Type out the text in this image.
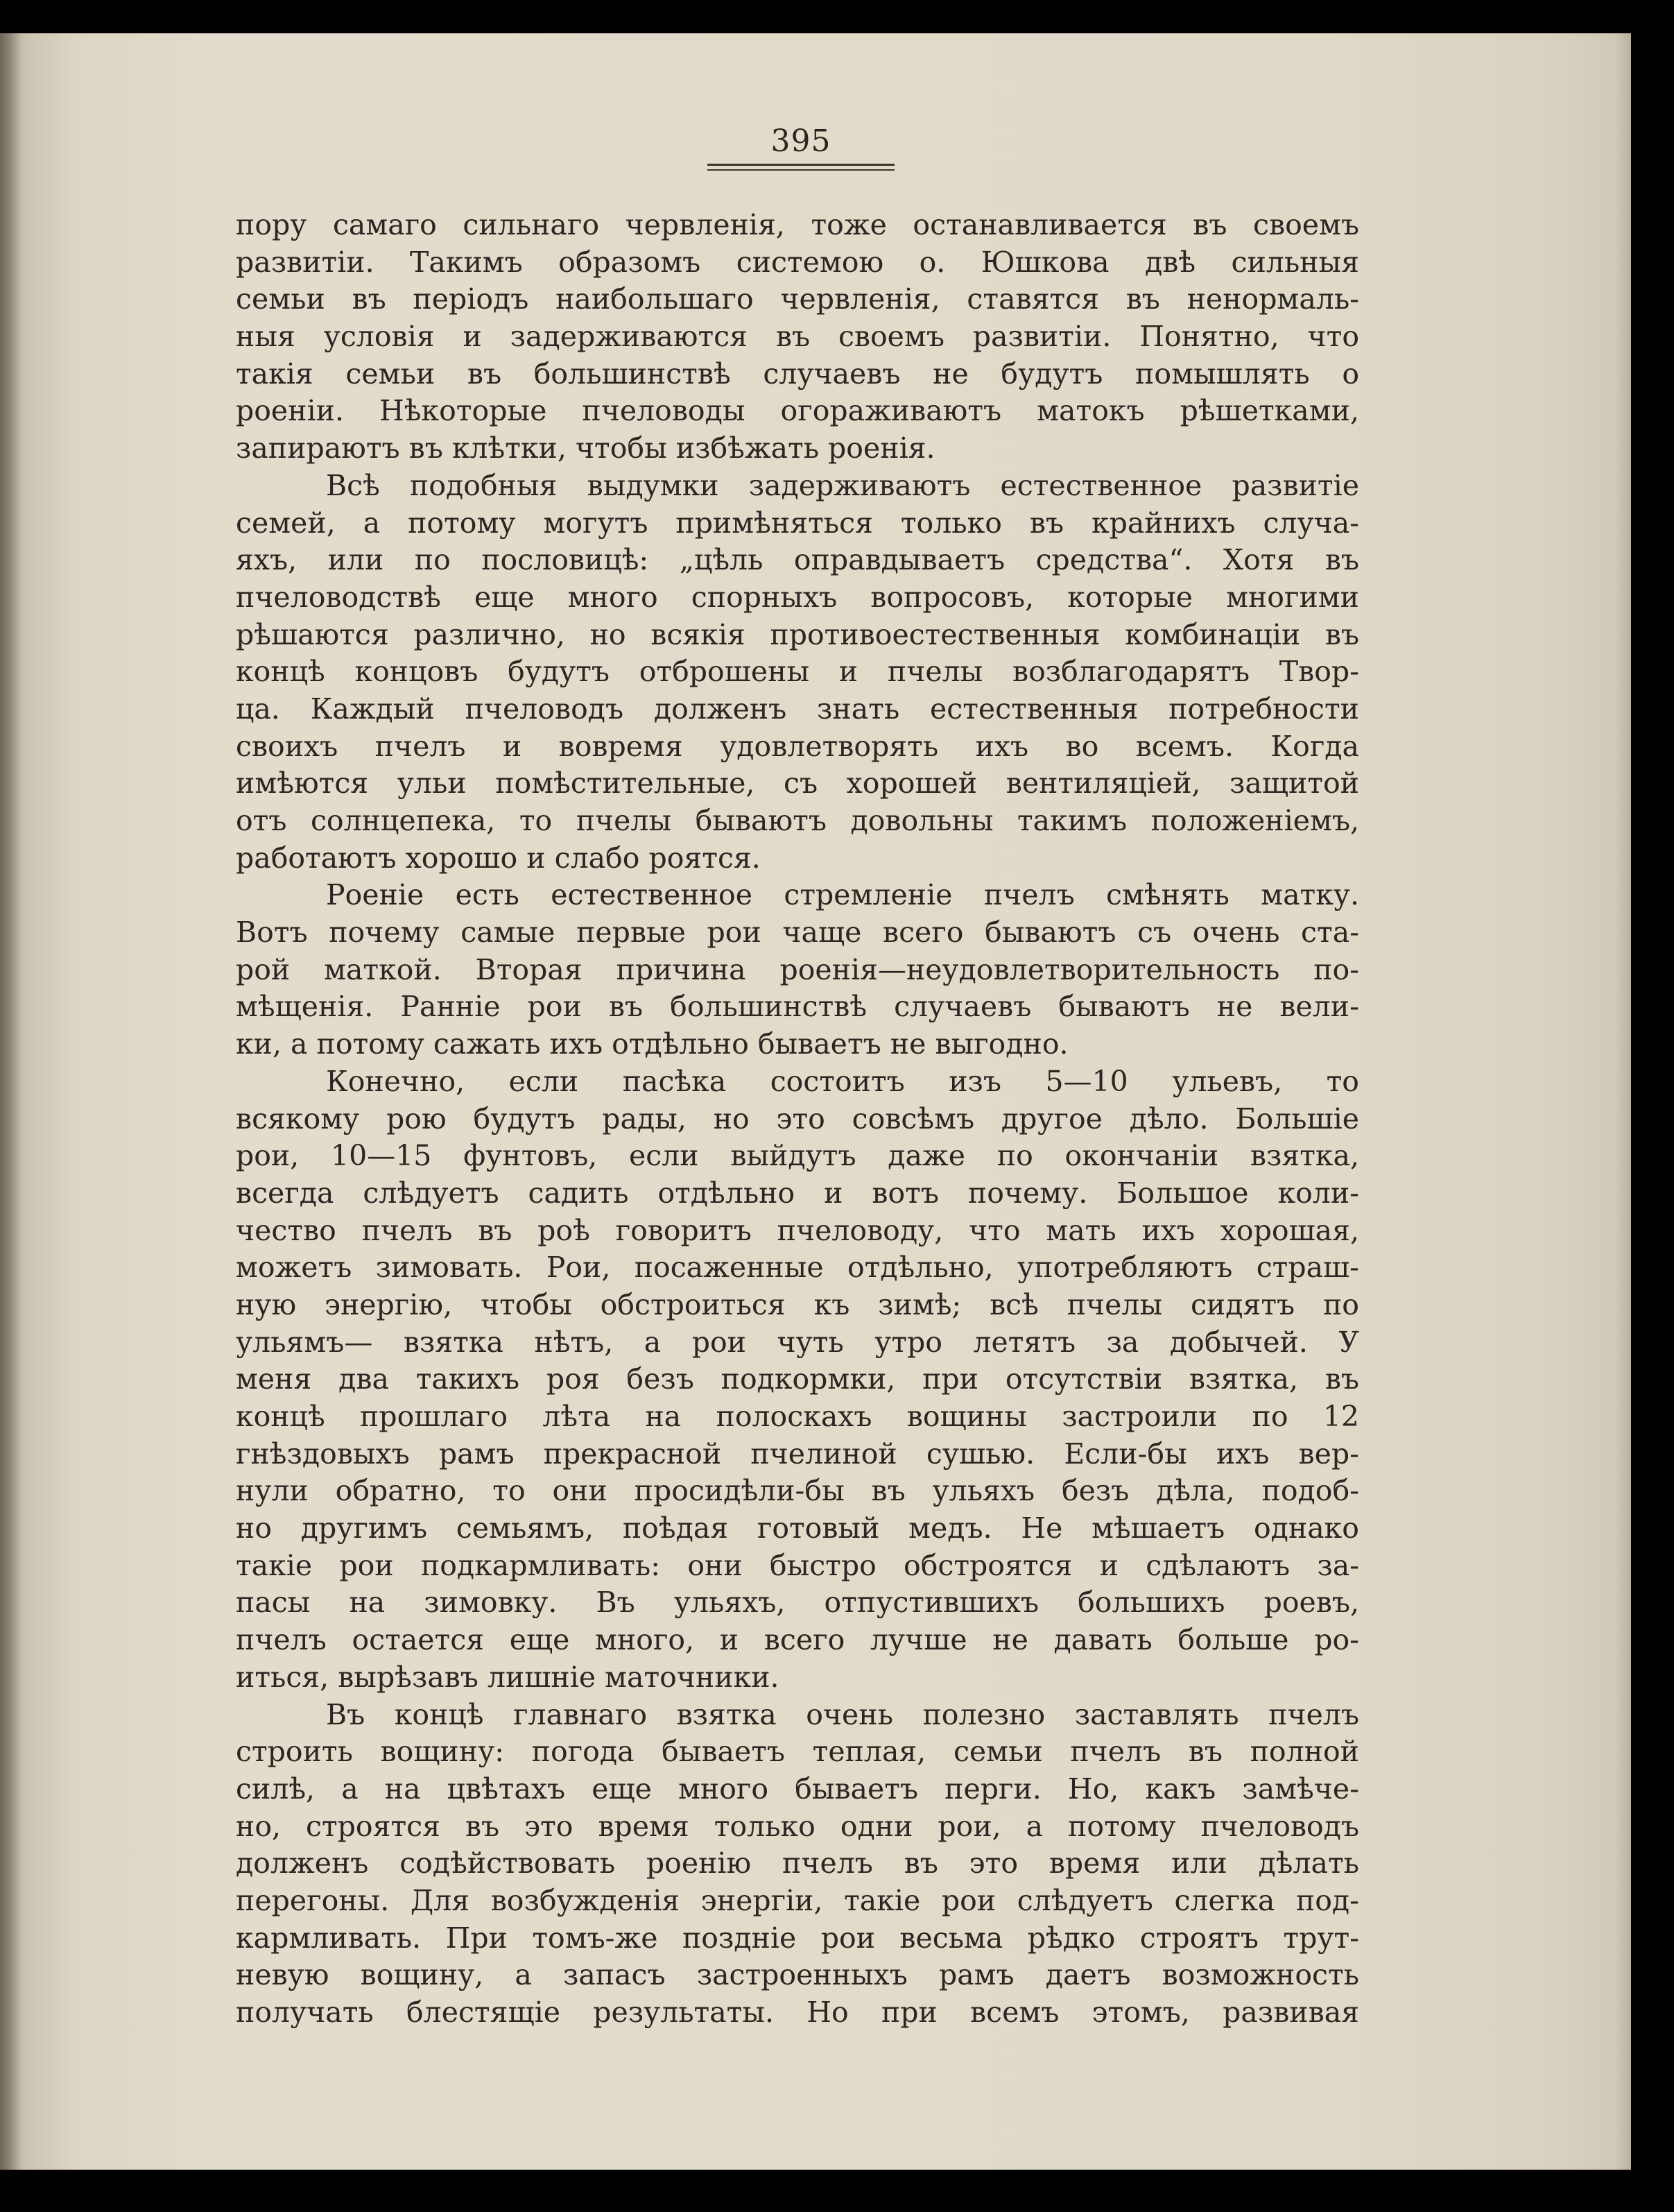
395
пору самаго сильнаго червленія, тоже останавливается въ своемъ
развитіи. Такимъ образомъ системою о. Юшкова двѣ сильныя
семьи въ періодъ наибольшаго червленія, ставятся въ ненормаль-
ныя условія и задерживаются въ своемъ развитіи. Понятно, что
такія семьи въ большинствѣ случаевъ не будутъ помышлять о
роеніи. Нѣкоторые пчеловоды огораживаютъ матокъ рѣшетками,
запираютъ въ клѣтки, чтобы избѣжать роенія.
Всѣ подобныя выдумки задерживаютъ естественное развитіе
семей, а потому могутъ примѣняться только въ крайнихъ случа-
яхъ, или по пословицѣ: „цѣль оправдываетъ средства“. Хотя въ
пчеловодствѣ еще много спорныхъ вопросовъ, которые многими
рѣшаются различно, но всякія противоестественныя комбинаціи въ
концѣ концовъ будутъ отброшены и пчелы возблагодарятъ Твор-
ца. Каждый пчеловодъ долженъ знать естественныя потребности
своихъ пчелъ и вовремя удовлетворять ихъ во всемъ. Когда
имѣются ульи помѣстительные, съ хорошей вентиляціей, защитой
отъ солнцепека, то пчелы бываютъ довольны такимъ положеніемъ,
работаютъ хорошо и слабо роятся.
Роеніе есть естественное стремленіе пчелъ смѣнять матку.
Вотъ почему самые первые рои чаще всего бываютъ съ очень ста-
рой маткой. Вторая причина роенія—неудовлетворительность по-
мѣщенія. Ранніе рои въ большинствѣ случаевъ бываютъ не вели-
ки, а потому сажать ихъ отдѣльно бываетъ не выгодно.
Конечно, если пасѣка состоитъ изъ 5—10 ульевъ, то
всякому рою будутъ рады, но это совсѣмъ другое дѣло. Большіе
рои, 10—15 фунтовъ, если выйдутъ даже по окончаніи взятка,
всегда слѣдуетъ садить отдѣльно и вотъ почему. Большое коли-
чество пчелъ въ роѣ говоритъ пчеловоду, что мать ихъ хорошая,
можетъ зимовать. Рои, посаженные отдѣльно, употребляютъ страш-
ную энергію, чтобы обстроиться къ зимѣ; всѣ пчелы сидятъ по
ульямъ— взятка нѣтъ, а рои чуть утро летятъ за добычей. У
меня два такихъ роя безъ подкормки, при отсутствіи взятка, въ
концѣ прошлаго лѣта на полоскахъ вощины застроили по 12
гнѣздовыхъ рамъ прекрасной пчелиной сушью. Если-бы ихъ вер-
нули обратно, то они просидѣли-бы въ ульяхъ безъ дѣла, подоб-
но другимъ семьямъ, поѣдая готовый медъ. Не мѣшаетъ однако
такіе рои подкармливать: они быстро обстроятся и сдѣлаютъ за-
пасы на зимовку. Въ ульяхъ, отпустившихъ большихъ роевъ,
пчелъ остается еще много, и всего лучше не давать больше ро-
иться, вырѣзавъ лишніе маточники.
Въ концѣ главнаго взятка очень полезно заставлять пчелъ
строить вощину: погода бываетъ теплая, семьи пчелъ въ полной
силѣ, а на цвѣтахъ еще много бываетъ перги. Но, какъ замѣче-
но, строятся въ это время только одни рои, а потому пчеловодъ
долженъ содѣйствовать роенію пчелъ въ это время или дѣлать
перегоны. Для возбужденія энергіи, такіе рои слѣдуетъ слегка под-
кармливать. При томъ-же поздніе рои весьма рѣдко строятъ трут-
невую вощину, а запасъ застроенныхъ рамъ даетъ возможность
получать блестящіе результаты. Но при всемъ этомъ, развивая
